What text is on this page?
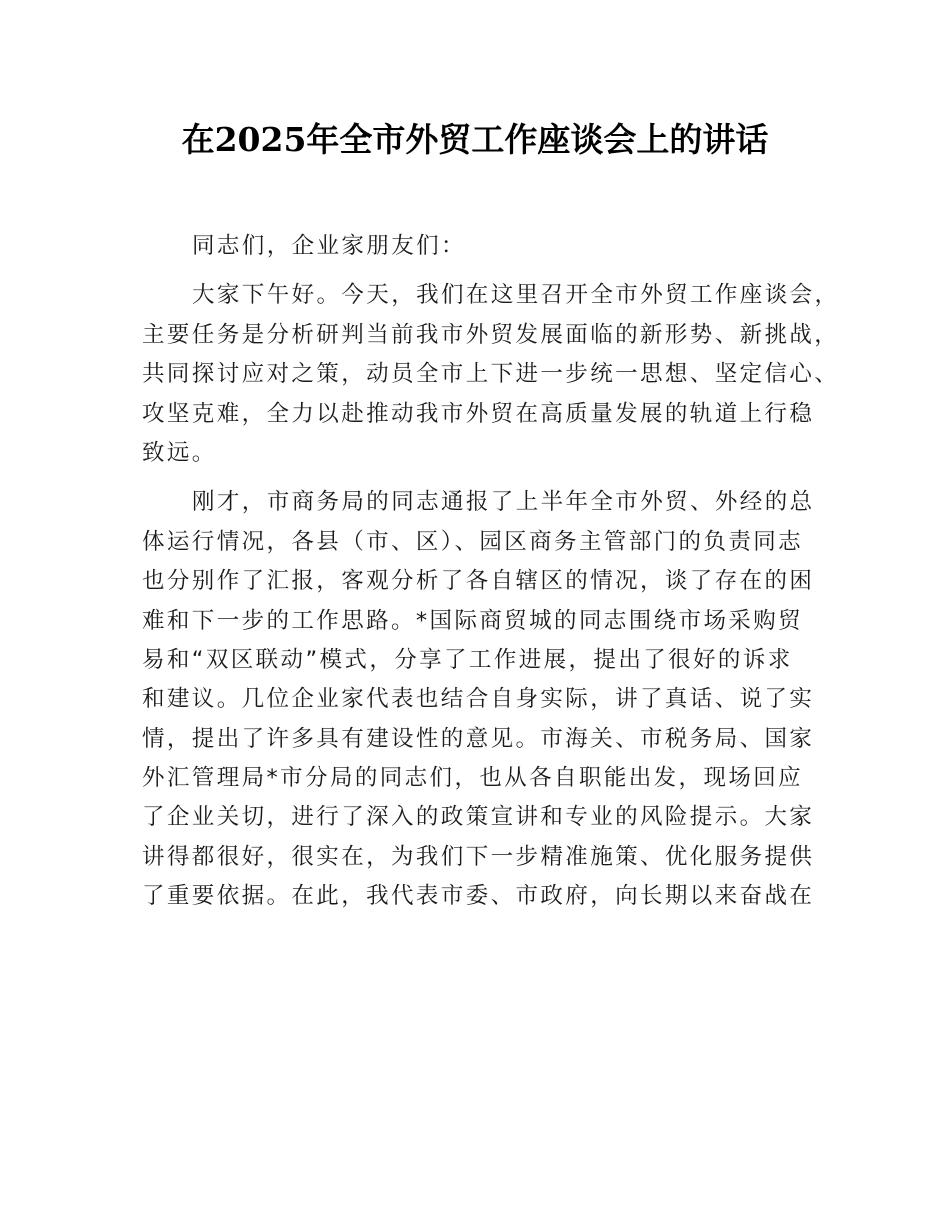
在2025年全市外贸工作座谈会上的讲话
同志们，企业家朋友们：
大家下午好。今天，我们在这里召开全市外贸工作座谈会，
主要任务是分析研判当前我市外贸发展面临的新形势、新挑战，
共同探讨应对之策，动员全市上下进一步统一思想、坚定信心、
攻坚克难，全力以赴推动我市外贸在高质量发展的轨道上行稳
致远。
刚才，市商务局的同志通报了上半年全市外贸、外经的总
体运行情况，各县（市、区）、园区商务主管部门的负责同志
也分别作了汇报，客观分析了各自辖区的情况，谈了存在的困
难和下一步的工作思路。*国际商贸城的同志围绕市场采购贸
易和“双区联动”模式，分享了工作进展，提出了很好的诉求
和建议。几位企业家代表也结合自身实际，讲了真话、说了实
情，提出了许多具有建设性的意见。市海关、市税务局、国家
外汇管理局*市分局的同志们，也从各自职能出发，现场回应
了企业关切，进行了深入的政策宣讲和专业的风险提示。大家
讲得都很好，很实在，为我们下一步精准施策、优化服务提供
了重要依据。在此，我代表市委、市政府，向长期以来奋战在
